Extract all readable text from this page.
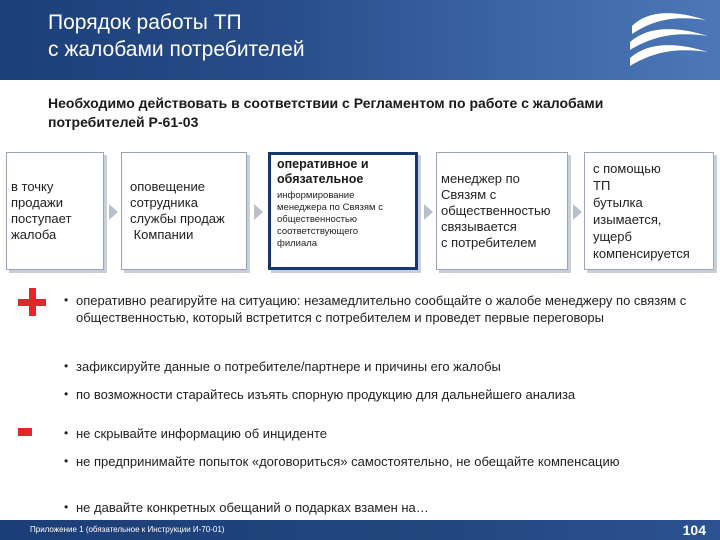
Порядок работы ТП
с жалобами потребителей
Необходимо действовать в соответствии с Регламентом по работе с жалобами потребителей Р-61-03
в точку
продажи
поступает
жалоба
оповещение
сотрудника
службы продаж
Компании
оперативное и
обязательное
информирование
менеджера по Связям с
общественностью
соответствующего
филиала
менеджер по
Связям с
общественностью
связывается
с потребителем
с помощью
ТП
бутылка
изымается,
ущерб
компенсируется
• оперативно реагируйте на ситуацию: незамедлительно сообщайте о жалобе менеджеру по связям с общественностью, который встретится с потребителем и проведет первые переговоры
• зафиксируйте данные о потребителе/партнере и причины его жалобы
• по возможности старайтесь изъять спорную продукцию для дальнейшего анализа
• не скрывайте информацию об инциденте
• не предпринимайте попыток «договориться» самостоятельно, не обещайте компенсацию
• не давайте конкретных обещаний о подарках взамен на…
Приложение 1 (обязательное к Инструкции И-70-01)	104
